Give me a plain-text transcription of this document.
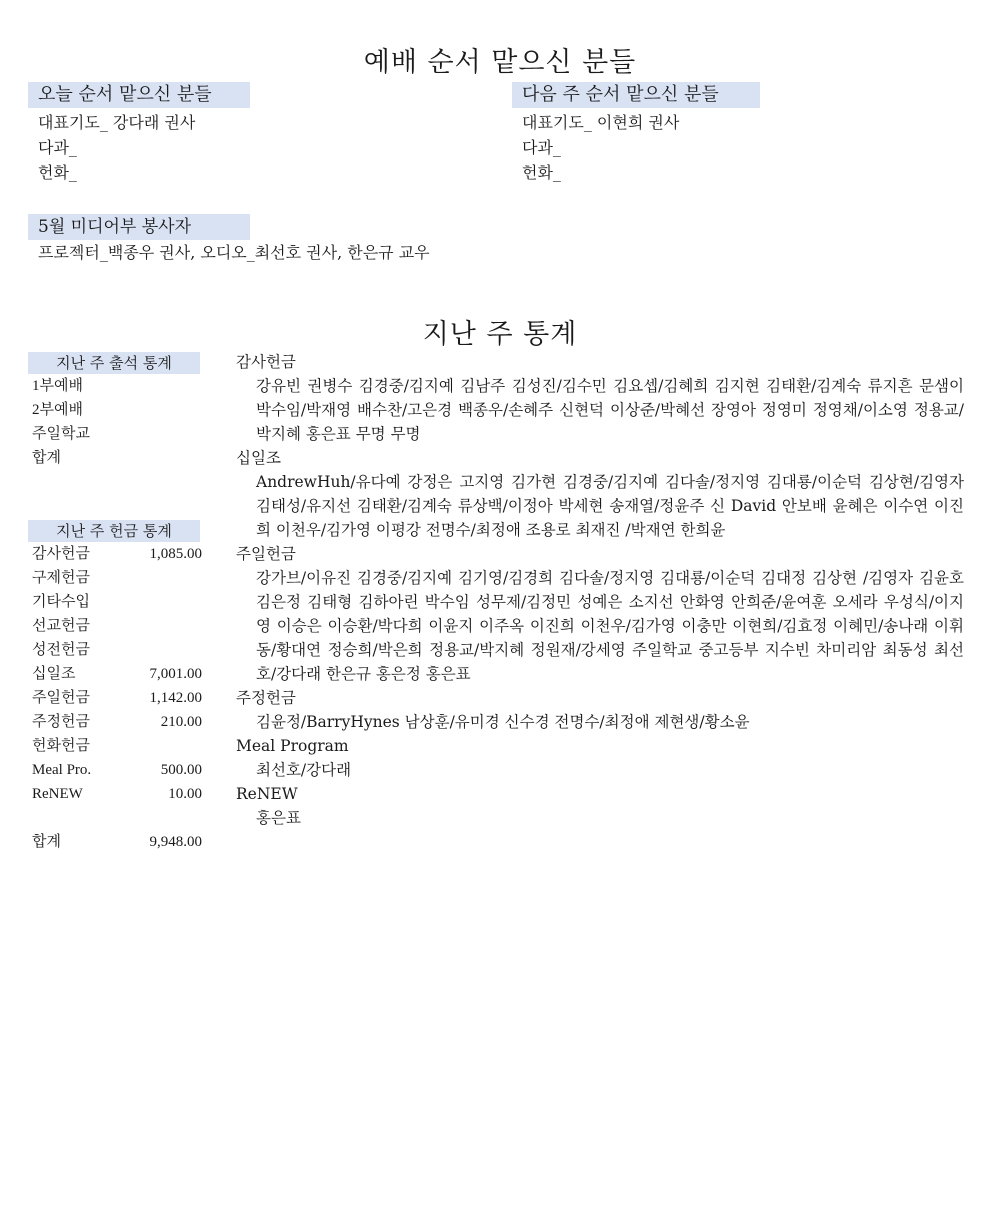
예배 순서 맡으신 분들
오늘 순서 맡으신 분들
대표기도_ 강다래 권사
다과_
헌화_
다음 주 순서 맡으신 분들
대표기도_ 이현희 권사
다과_
헌화_
5월 미디어부 봉사자
프로젝터_백종우 권사, 오디오_최선호 권사, 한은규 교우
지난 주 통계
지난 주 출석 통계
1부예배
2부예배
주일학교
합계
지난 주 헌금 통계
감사헌금	1,085.00
구제헌금
기타수입
선교헌금
성전헌금
십일조	7,001.00
주일헌금	1,142.00
주정헌금	210.00
헌화헌금
Meal Pro.	500.00
ReNEW	10.00
합계	9,948.00
감사헌금
강유빈 권병수 김경중/김지예 김남주 김성진/김수민 김요셉/김혜희 김지현 김태환/김계숙 류지흔 문샘이 박수임/박재영 배수찬/고은경 백종우/손혜주 신현덕 이상준/박혜선 장영아 정영미 정영채/이소영 정용교/박지혜 홍은표 무명 무명
십일조
AndrewHuh/유다예 강정은 고지영 김가현 김경중/김지예 김다솔/정지영 김대룡/이순덕 김상현/김영자 김태성/유지선 김태환/김계숙 류상백/이정아 박세현 송재열/정윤주 신 David 안보배 윤혜은 이수연 이진희 이천우/김가영 이평강 전명수/최정애 조용로 최재진 /박재연 한희윤
주일헌금
강가브/이유진 김경중/김지예 김기영/김경희 김다솔/정지영 김대룡/이순덕 김대정 김상현 /김영자 김윤호 김은정 김태형 김하아린 박수임 성무제/김정민 성예은 소지선 안화영 안희준/윤여훈 오세라 우성식/이지영 이승은 이승환/박다희 이윤지 이주옥 이진희 이천우/김가영 이충만 이현희/김효정 이혜민/송나래 이휘동/황대연 정승희/박은희 정용교/박지혜 정원재/강세영 주일학교 중고등부 지수빈 차미리암 최동성 최선호/강다래 한은규 홍은정 홍은표
주정헌금
김윤정/BarryHynes 남상훈/유미경 신수경 전명수/최정애 제현생/황소윤
Meal Program
최선호/강다래
ReNEW
홍은표
